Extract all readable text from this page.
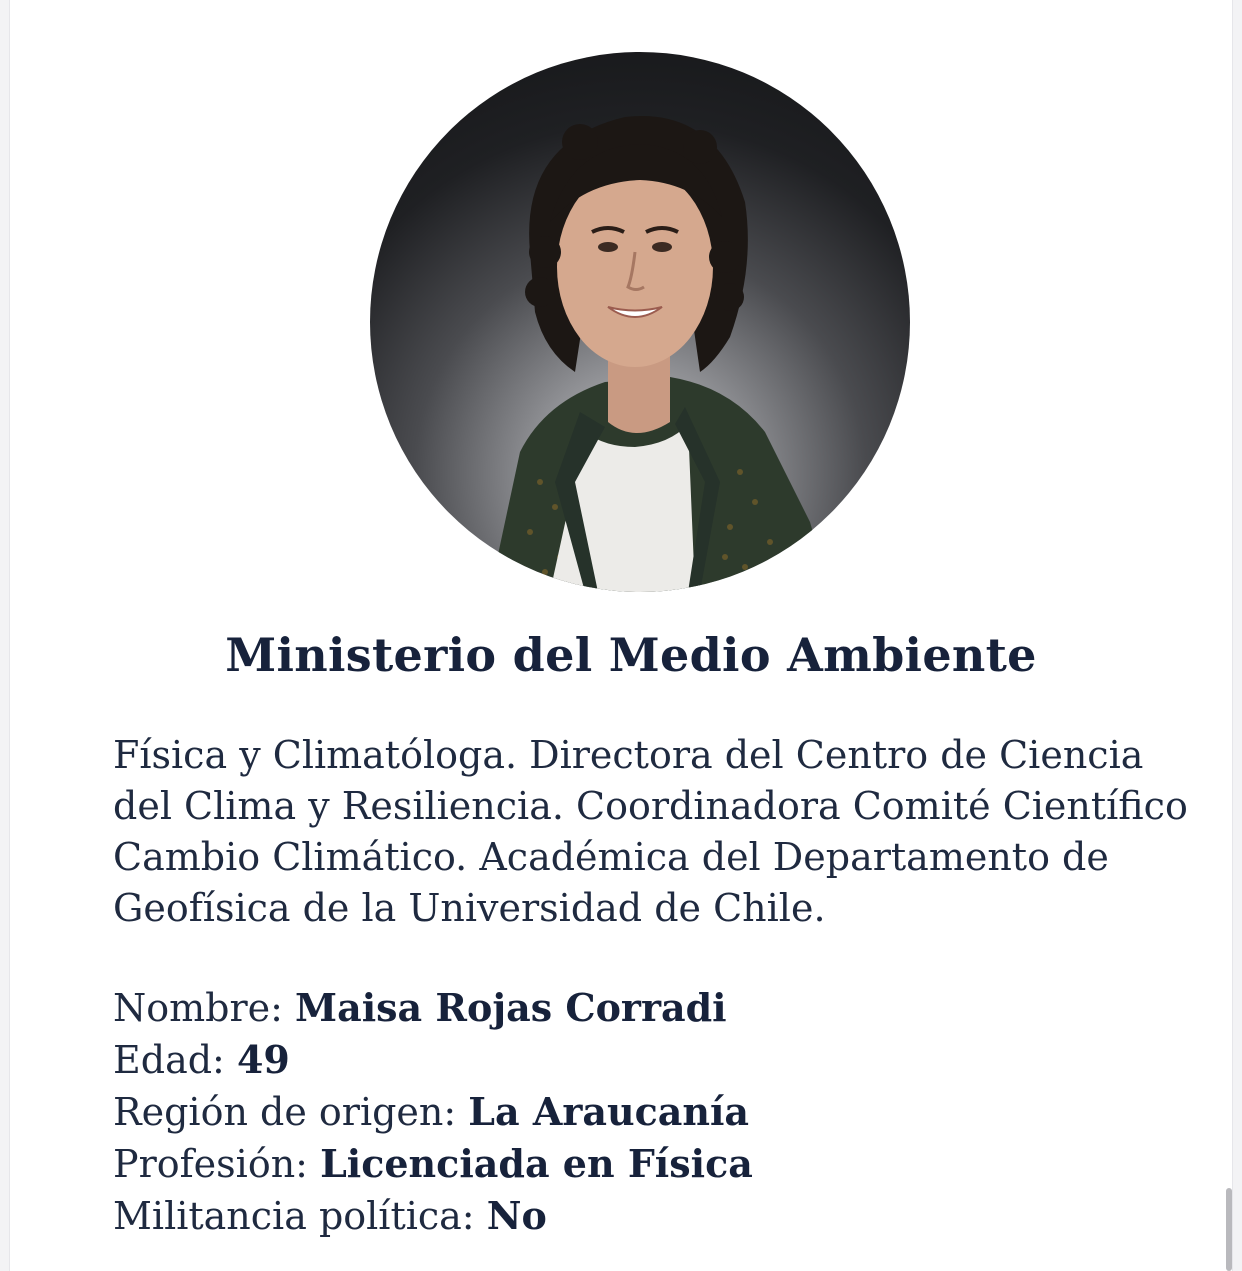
Ministerio del Medio Ambiente

Física y Climatóloga. Directora del Centro de Ciencia del Clima y Resiliencia. Coordinadora Comité Científico Cambio Climático. Académica del Departamento de Geofísica de la Universidad de Chile.

Nombre: Maisa Rojas Corradi
Edad: 49
Región de origen: La Araucanía
Profesión: Licenciada en Física
Militancia política: No
